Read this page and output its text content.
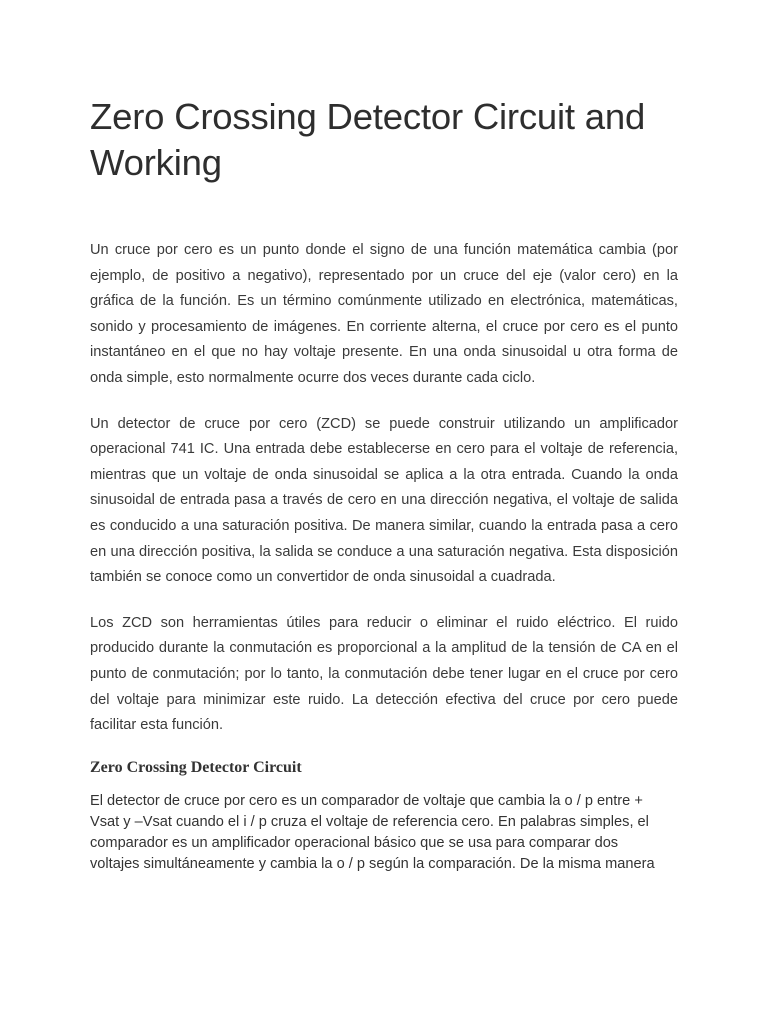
Zero Crossing Detector Circuit and Working

Un cruce por cero es un punto donde el signo de una función matemática cambia (por ejemplo, de positivo a negativo), representado por un cruce del eje (valor cero) en la gráfica de la función. Es un término comúnmente utilizado en electrónica, matemáticas, sonido y procesamiento de imágenes. En corriente alterna, el cruce por cero es el punto instantáneo en el que no hay voltaje presente. En una onda sinusoidal u otra forma de onda simple, esto normalmente ocurre dos veces durante cada ciclo.

Un detector de cruce por cero (ZCD) se puede construir utilizando un amplificador operacional 741 IC. Una entrada debe establecerse en cero para el voltaje de referencia, mientras que un voltaje de onda sinusoidal se aplica a la otra entrada. Cuando la onda sinusoidal de entrada pasa a través de cero en una dirección negativa, el voltaje de salida es conducido a una saturación positiva. De manera similar, cuando la entrada pasa a cero en una dirección positiva, la salida se conduce a una saturación negativa. Esta disposición también se conoce como un convertidor de onda sinusoidal a cuadrada.

Los ZCD son herramientas útiles para reducir o eliminar el ruido eléctrico. El ruido producido durante la conmutación es proporcional a la amplitud de la tensión de CA en el punto de conmutación; por lo tanto, la conmutación debe tener lugar en el cruce por cero del voltaje para minimizar este ruido. La detección efectiva del cruce por cero puede facilitar esta función.

Zero Crossing Detector Circuit

El detector de cruce por cero es un comparador de voltaje que cambia la o / p entre +
Vsat y –Vsat cuando el i / p cruza el voltaje de referencia cero. En palabras simples, el
comparador es un amplificador operacional básico que se usa para comparar dos
voltajes simultáneamente y cambia la o / p según la comparación. De la misma manera
